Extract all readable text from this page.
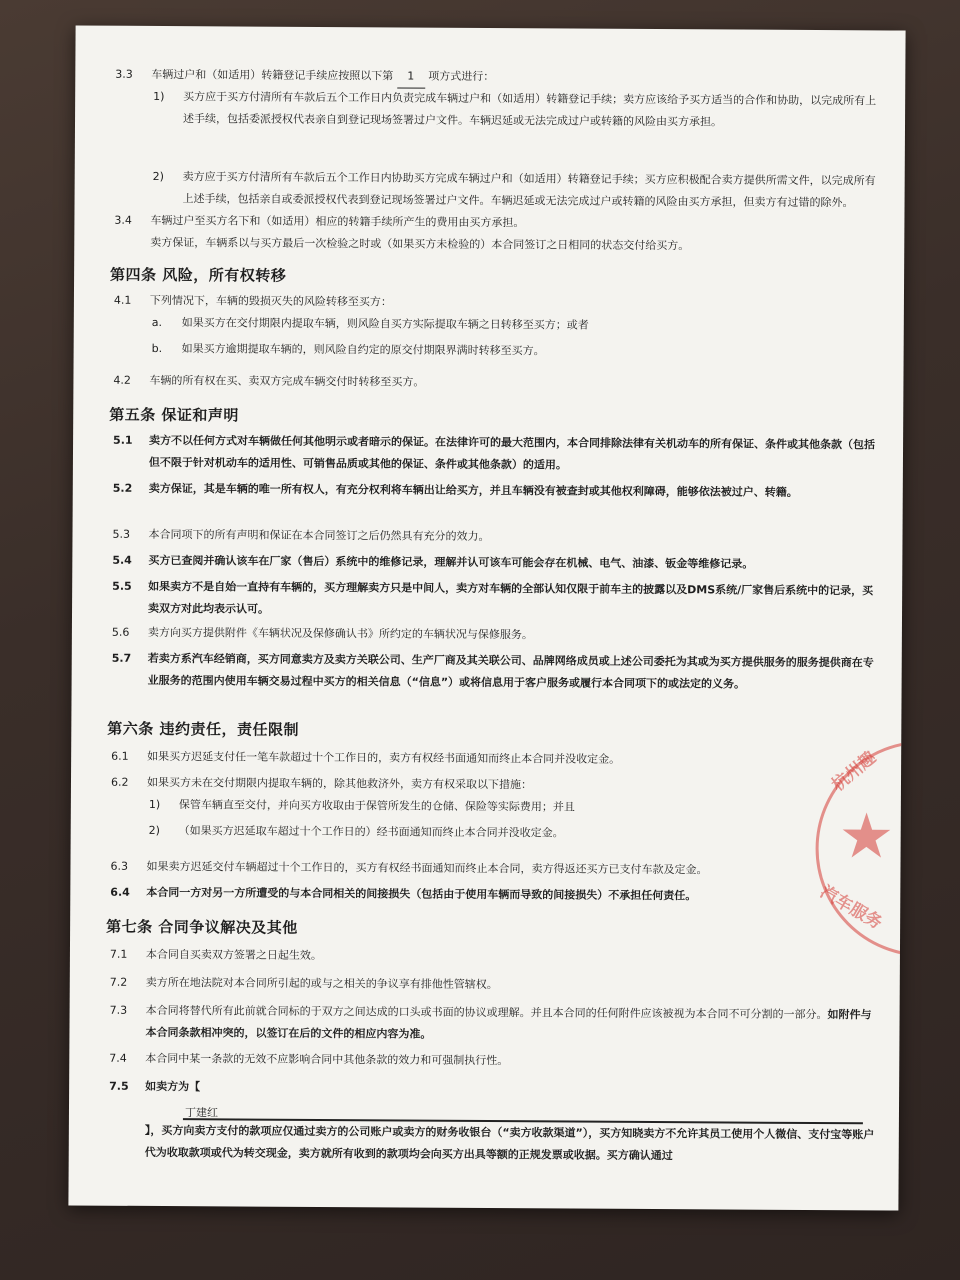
3.3	车辆过户和（如适用）转籍登记手续应按照以下第 1 项方式进行：
1)	买方应于买方付清所有车款后五个工作日内负责完成车辆过户和（如适用）转籍登记手续；卖方应该给予买方适当的合作和协助，以完成所有上述手续，包括委派授权代表亲自到登记现场签署过户文件。车辆迟延或无法完成过户或转籍的风险由买方承担。
2)	卖方应于买方付清所有车款后五个工作日内协助买方完成车辆过户和（如适用）转籍登记手续；买方应积极配合卖方提供所需文件，以完成所有上述手续，包括亲自或委派授权代表到登记现场签署过户文件。车辆迟延或无法完成过户或转籍的风险由买方承担，但卖方有过错的除外。
3.4	车辆过户至买方名下和（如适用）相应的转籍手续所产生的费用由买方承担。
卖方保证，车辆系以与买方最后一次检验之时或（如果买方未检验的）本合同签订之日相同的状态交付给买方。
第四条 风险，所有权转移
4.1	下列情况下，车辆的毁损灭失的风险转移至买方：
a.	如果买方在交付期限内提取车辆，则风险自买方实际提取车辆之日转移至买方；或者
b.	如果买方逾期提取车辆的，则风险自约定的原交付期限界满时转移至买方。
4.2	车辆的所有权在买、卖双方完成车辆交付时转移至买方。
第五条 保证和声明
5.1	卖方不以任何方式对车辆做任何其他明示或者暗示的保证。在法律许可的最大范围内，本合同排除法律有关机动车的所有保证、条件或其他条款（包括但不限于针对机动车的适用性、可销售品质或其他的保证、条件或其他条款）的适用。
5.2	卖方保证，其是车辆的唯一所有权人，有充分权利将车辆出让给买方，并且车辆没有被查封或其他权利障碍，能够依法被过户、转籍。
5.3	本合同项下的所有声明和保证在本合同签订之后仍然具有充分的效力。
5.4	买方已查阅并确认该车在厂家（售后）系统中的维修记录，理解并认可该车可能会存在机械、电气、油漆、钣金等维修记录。
5.5	如果卖方不是自始一直持有车辆的，买方理解卖方只是中间人，卖方对车辆的全部认知仅限于前车主的披露以及DMS系统/厂家售后系统中的记录，买卖双方对此均表示认可。
5.6	卖方向买方提供附件《车辆状况及保修确认书》所约定的车辆状况与保修服务。
5.7	若卖方系汽车经销商，买方同意卖方及卖方关联公司、生产厂商及其关联公司、品牌网络成员或上述公司委托为其或为买方提供服务的服务提供商在专业服务的范围内使用车辆交易过程中买方的相关信息（“信息”）或将信息用于客户服务或履行本合同项下的或法定的义务。
第六条 违约责任，责任限制
6.1	如果买方迟延支付任一笔车款超过十个工作日的，卖方有权经书面通知而终止本合同并没收定金。
6.2	如果买方未在交付期限内提取车辆的，除其他救济外，卖方有权采取以下措施：
1)	保管车辆直至交付，并向买方收取由于保管所发生的仓储、保险等实际费用；并且
2)	（如果买方迟延取车超过十个工作日的）经书面通知而终止本合同并没收定金。
6.3	如果卖方迟延交付车辆超过十个工作日的，买方有权经书面通知而终止本合同，卖方得返还买方已支付车款及定金。
6.4	本合同一方对另一方所遭受的与本合同相关的间接损失（包括由于使用车辆而导致的间接损失）不承担任何责任。
第七条 合同争议解决及其他
7.1	本合同自买卖双方签署之日起生效。
7.2	卖方所在地法院对本合同所引起的或与之相关的争议享有排他性管辖权。
7.3	本合同将替代所有此前就合同标的于双方之间达成的口头或书面的协议或理解。并且本合同的任何附件应该被视为本合同不可分割的一部分。如附件与本合同条款相冲突的，以签订在后的文件的相应内容为准。
7.4	本合同中某一条款的无效不应影响合同中其他条款的效力和可强制执行性。
7.5	如卖方为【
丁建红
】，买方向卖方支付的款项应仅通过卖方的公司账户或卖方的财务收银台（“卖方收款渠道”），买方知晓卖方不允许其员工使用个人微信、支付宝等账户代为收取款项或代为转交现金，卖方就所有收到的款项均会向买方出具等额的正规发票或收据。买方确认通过
★
杭州趣
汽车服务
